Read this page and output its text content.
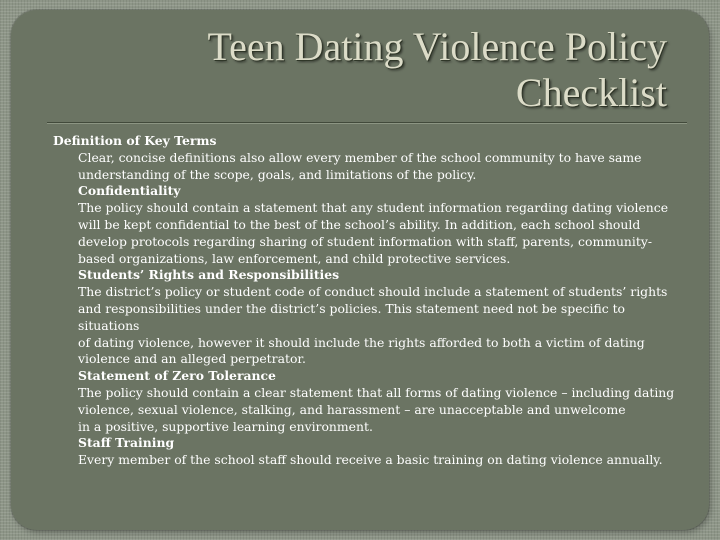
Teen Dating Violence Policy
Checklist

Definition of Key Terms

Clear, concise definitions also allow every member of the school community to have same understanding of the scope, goals, and limitations of the policy.

Confidentiality

The policy should contain a statement that any student information regarding dating violence will be kept confidential to the best of the school’s ability. In addition, each school should develop protocols regarding sharing of student information with staff, parents, community-based organizations, law enforcement, and child protective services.

Students’ Rights and Responsibilities

The district’s policy or student code of conduct should include a statement of students’ rights and responsibilities under the district’s policies. This statement need not be specific to situations

of dating violence, however it should include the rights afforded to both a victim of dating violence and an alleged perpetrator.

Statement of Zero Tolerance

The policy should contain a clear statement that all forms of dating violence – including dating

violence, sexual violence, stalking, and harassment – are unacceptable and unwelcome

in a positive, supportive learning environment.

Staff Training

Every member of the school staff should receive a basic training on dating violence annually.
